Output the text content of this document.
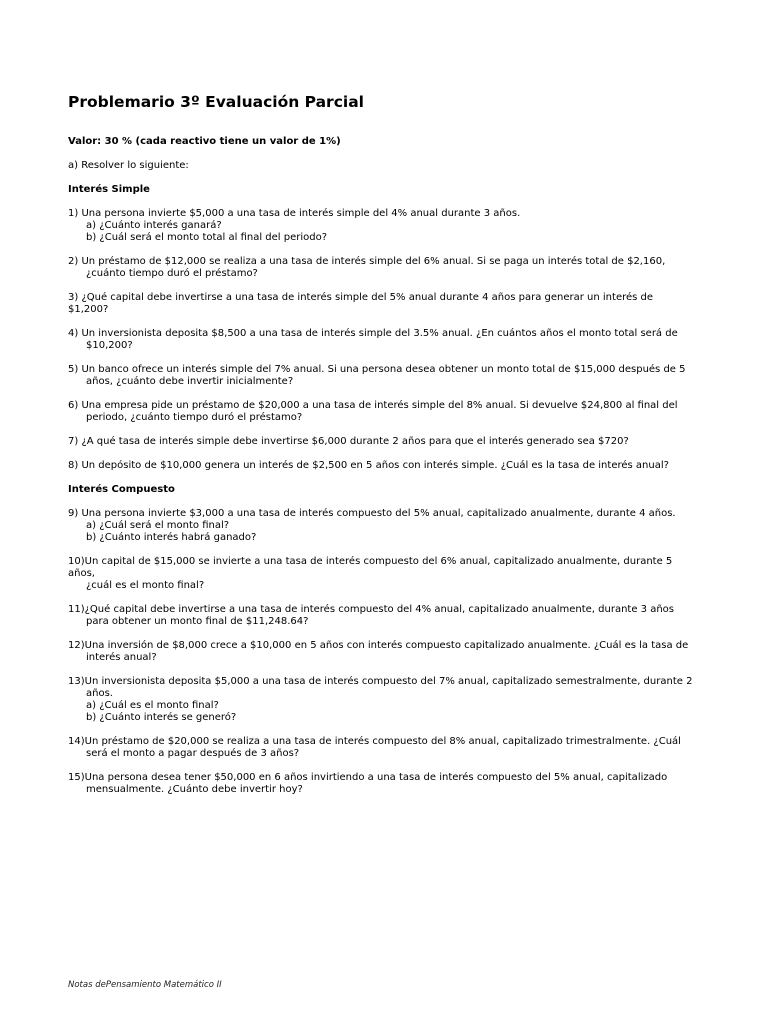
Problemario 3º Evaluación Parcial
Valor: 30 % (cada reactivo tiene un valor de 1%)
a) Resolver lo siguiente:
Interés Simple
1) Una persona invierte $5,000 a una tasa de interés simple del 4% anual durante 3 años.
a) ¿Cuánto interés ganará?
b) ¿Cuál será el monto total al final del periodo?
2) Un préstamo de $12,000 se realiza a una tasa de interés simple del 6% anual. Si se paga un interés total de $2,160,
¿cuánto tiempo duró el préstamo?
3) ¿Qué capital debe invertirse a una tasa de interés simple del 5% anual durante 4 años para generar un interés de
$1,200?
4) Un inversionista deposita $8,500 a una tasa de interés simple del 3.5% anual. ¿En cuántos años el monto total será de
$10,200?
5) Un banco ofrece un interés simple del 7% anual. Si una persona desea obtener un monto total de $15,000 después de 5
años, ¿cuánto debe invertir inicialmente?
6) Una empresa pide un préstamo de $20,000 a una tasa de interés simple del 8% anual. Si devuelve $24,800 al final del
periodo, ¿cuánto tiempo duró el préstamo?
7) ¿A qué tasa de interés simple debe invertirse $6,000 durante 2 años para que el interés generado sea $720?
8) Un depósito de $10,000 genera un interés de $2,500 en 5 años con interés simple. ¿Cuál es la tasa de interés anual?
Interés Compuesto
9) Una persona invierte $3,000 a una tasa de interés compuesto del 5% anual, capitalizado anualmente, durante 4 años.
a) ¿Cuál será el monto final?
b) ¿Cuánto interés habrá ganado?
10)Un capital de $15,000 se invierte a una tasa de interés compuesto del 6% anual, capitalizado anualmente, durante 5
años,
¿cuál es el monto final?
11)¿Qué capital debe invertirse a una tasa de interés compuesto del 4% anual, capitalizado anualmente, durante 3 años
para obtener un monto final de $11,248.64?
12)Una inversión de $8,000 crece a $10,000 en 5 años con interés compuesto capitalizado anualmente. ¿Cuál es la tasa de
interés anual?
13)Un inversionista deposita $5,000 a una tasa de interés compuesto del 7% anual, capitalizado semestralmente, durante 2
años.
a) ¿Cuál es el monto final?
b) ¿Cuánto interés se generó?
14)Un préstamo de $20,000 se realiza a una tasa de interés compuesto del 8% anual, capitalizado trimestralmente. ¿Cuál
será el monto a pagar después de 3 años?
15)Una persona desea tener $50,000 en 6 años invirtiendo a una tasa de interés compuesto del 5% anual, capitalizado
mensualmente. ¿Cuánto debe invertir hoy?
Notas dePensamiento Matemático II
